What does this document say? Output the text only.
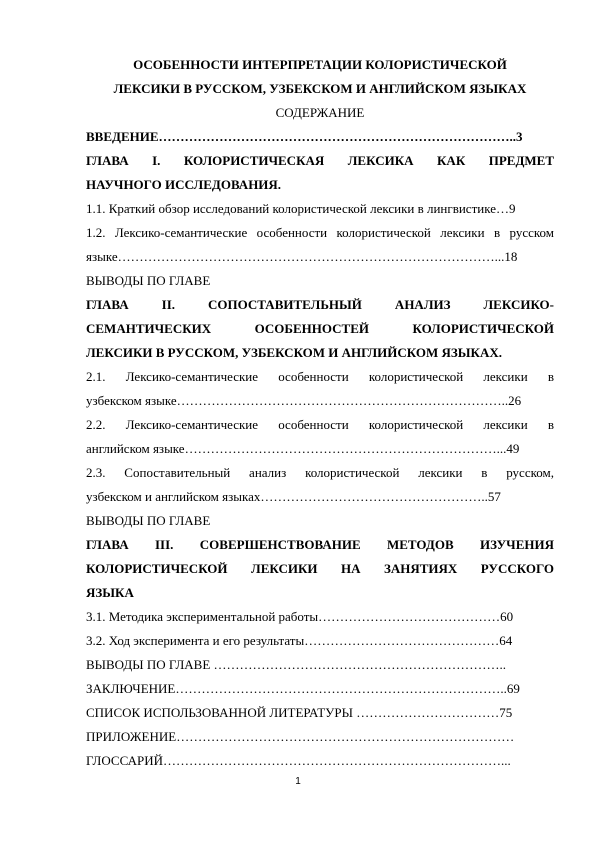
ОСОБЕННОСТИ ИНТЕРПРЕТАЦИИ КОЛОРИСТИЧЕСКОЙ
ЛЕКСИКИ В РУССКОМ, УЗБЕКСКОМ И АНГЛИЙСКОМ ЯЗЫКАХ
СОДЕРЖАНИЕ
ВВЕДЕНИЕ………………………………………………………………………..3
ГЛАВА I. КОЛОРИСТИЧЕСКАЯ ЛЕКСИКА КАК ПРЕДМЕТ
НАУЧНОГО ИССЛЕДОВАНИЯ.
1.1. Краткий обзор исследований колористической лексики в лингвистике…9
1.2. Лексико-семантические особенности колористической лексики в русском
языке……………………………………………………………………………...18
ВЫВОДЫ ПО ГЛАВЕ
ГЛАВА II. СОПОСТАВИТЕЛЬНЫЙ АНАЛИЗ ЛЕКСИКО-
СЕМАНТИЧЕСКИХ ОСОБЕННОСТЕЙ КОЛОРИСТИЧЕСКОЙ
ЛЕКСИКИ В РУССКОМ, УЗБЕКСКОМ И АНГЛИЙСКОМ ЯЗЫКАХ.
2.1. Лексико-семантические особенности колористической лексики в
узбекском языке…………………………………………………………………..26
2.2. Лексико-семантические особенности колористической лексики в
английском языке………………………………………………………………...49
2.3. Сопоставительный анализ колористической лексики в русском,
узбекском и английском языках……………………………………………..57
ВЫВОДЫ ПО ГЛАВЕ
ГЛАВА III. СОВЕРШЕНСТВОВАНИЕ МЕТОДОВ ИЗУЧЕНИЯ
КОЛОРИСТИЧЕСКОЙ ЛЕКСИКИ НА ЗАНЯТИЯХ РУССКОГО
ЯЗЫКА
3.1. Методика экспериментальной работы……………………………………60
3.2. Ход эксперимента и его результаты………………………………………64
ВЫВОДЫ ПО ГЛАВЕ …………………………………………………………..
ЗАКЛЮЧЕНИЕ…………………………………………………………………..69
СПИСОК ИСПОЛЬЗОВАННОЙ ЛИТЕРАТУРЫ ……………………………75
ПРИЛОЖЕНИЕ……………………………………………………………………
ГЛОССАРИЙ……………………………………………………………………...
1
